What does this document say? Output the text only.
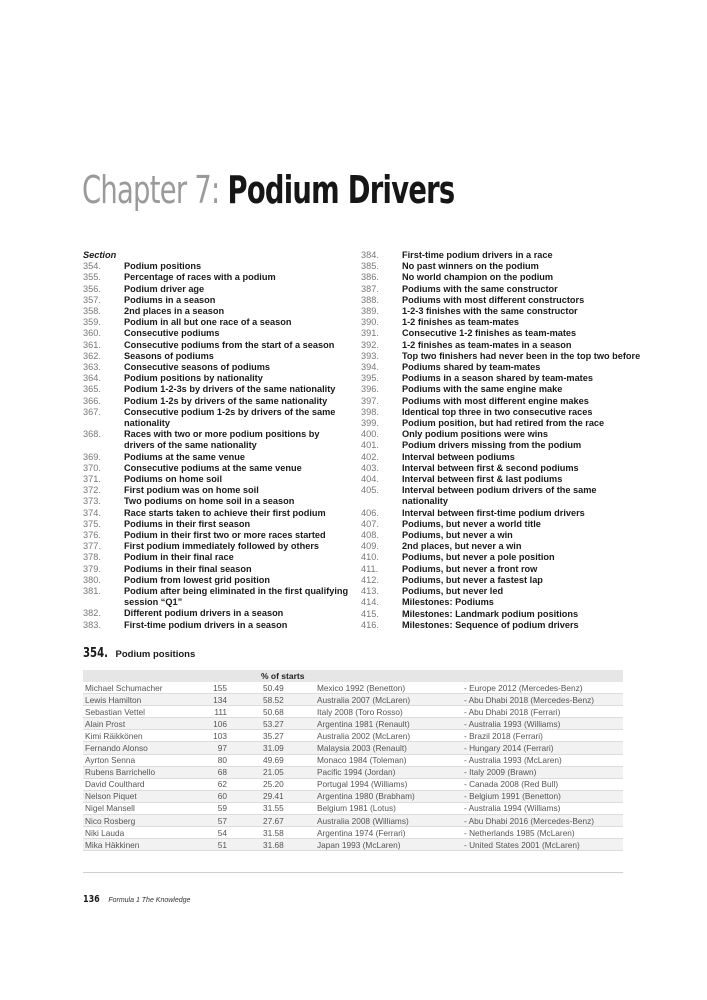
Chapter 7: Podium Drivers
Section
354.	Podium positions
355.	Percentage of races with a podium
356.	Podium driver age
357.	Podiums in a season
358.	2nd places in a season
359.	Podium in all but one race of a season
360.	Consecutive podiums
361.	Consecutive podiums from the start of a season
362.	Seasons of podiums
363.	Consecutive seasons of podiums
364.	Podium positions by nationality
365.	Podium 1-2-3s by drivers of the same nationality
366.	Podium 1-2s by drivers of the same nationality
367.	Consecutive podium 1-2s by drivers of the same
nationality
368.	Races with two or more podium positions by
drivers of the same nationality
369.	Podiums at the same venue
370.	Consecutive podiums at the same venue
371.	Podiums on home soil
372.	First podium was on home soil
373.	Two podiums on home soil in a season
374.	Race starts taken to achieve their first podium
375.	Podiums in their first season
376.	Podium in their first two or more races started
377.	First podium immediately followed by others
378.	Podium in their final race
379.	Podiums in their final season
380.	Podium from lowest grid position
381.	Podium after being eliminated in the first qualifying
session “Q1”
382.	Different podium drivers in a season
383.	First-time podium drivers in a season
384.	First-time podium drivers in a race
385.	No past winners on the podium
386.	No world champion on the podium
387.	Podiums with the same constructor
388.	Podiums with most different constructors
389.	1-2-3 finishes with the same constructor
390.	1-2 finishes as team-mates
391.	Consecutive 1-2 finishes as team-mates
392.	1-2 finishes as team-mates in a season
393.	Top two finishers had never been in the top two before
394.	Podiums shared by team-mates
395.	Podiums in a season shared by team-mates
396.	Podiums with the same engine make
397.	Podiums with most different engine makes
398.	Identical top three in two consecutive races
399.	Podium position, but had retired from the race
400.	Only podium positions were wins
401.	Podium drivers missing from the podium
402.	Interval between podiums
403.	Interval between first & second podiums
404.	Interval between first & last podiums
405.	Interval between podium drivers of the same
nationality
406.	Interval between first-time podium drivers
407.	Podiums, but never a world title
408.	Podiums, but never a win
409.	2nd places, but never a win
410.	Podiums, but never a pole position
411.	Podiums, but never a front row
412.	Podiums, but never a fastest lap
413.	Podiums, but never led
414.	Milestones: Podiums
415.	Milestones: Landmark podium positions
416.	Milestones: Sequence of podium drivers
354. Podium positions
		% of starts		
Michael Schumacher	155	50.49	Mexico 1992 (Benetton)	- Europe 2012 (Mercedes-Benz)
Lewis Hamilton	134	58.52	Australia 2007 (McLaren)	- Abu Dhabi 2018 (Mercedes-Benz)
Sebastian Vettel	111	50.68	Italy 2008 (Toro Rosso)	- Abu Dhabi 2018 (Ferrari)
Alain Prost	106	53.27	Argentina 1981 (Renault)	- Australia 1993 (Williams)
Kimi Räikkönen	103	35.27	Australia 2002 (McLaren)	- Brazil 2018 (Ferrari)
Fernando Alonso	97	31.09	Malaysia 2003 (Renault)	- Hungary 2014 (Ferrari)
Ayrton Senna	80	49.69	Monaco 1984 (Toleman)	- Australia 1993 (McLaren)
Rubens Barrichello	68	21.05	Pacific 1994 (Jordan)	- Italy 2009 (Brawn)
David Coulthard	62	25.20	Portugal 1994 (Williams)	- Canada 2008 (Red Bull)
Nelson Piquet	60	29.41	Argentina 1980 (Brabham)	- Belgium 1991 (Benetton)
Nigel Mansell	59	31.55	Belgium 1981 (Lotus)	- Australia 1994 (Williams)
Nico Rosberg	57	27.67	Australia 2008 (Williams)	- Abu Dhabi 2016 (Mercedes-Benz)
Niki Lauda	54	31.58	Argentina 1974 (Ferrari)	- Netherlands 1985 (McLaren)
Mika Häkkinen	51	31.68	Japan 1993 (McLaren)	- United States 2001 (McLaren)
136 Formula 1 The Knowledge
